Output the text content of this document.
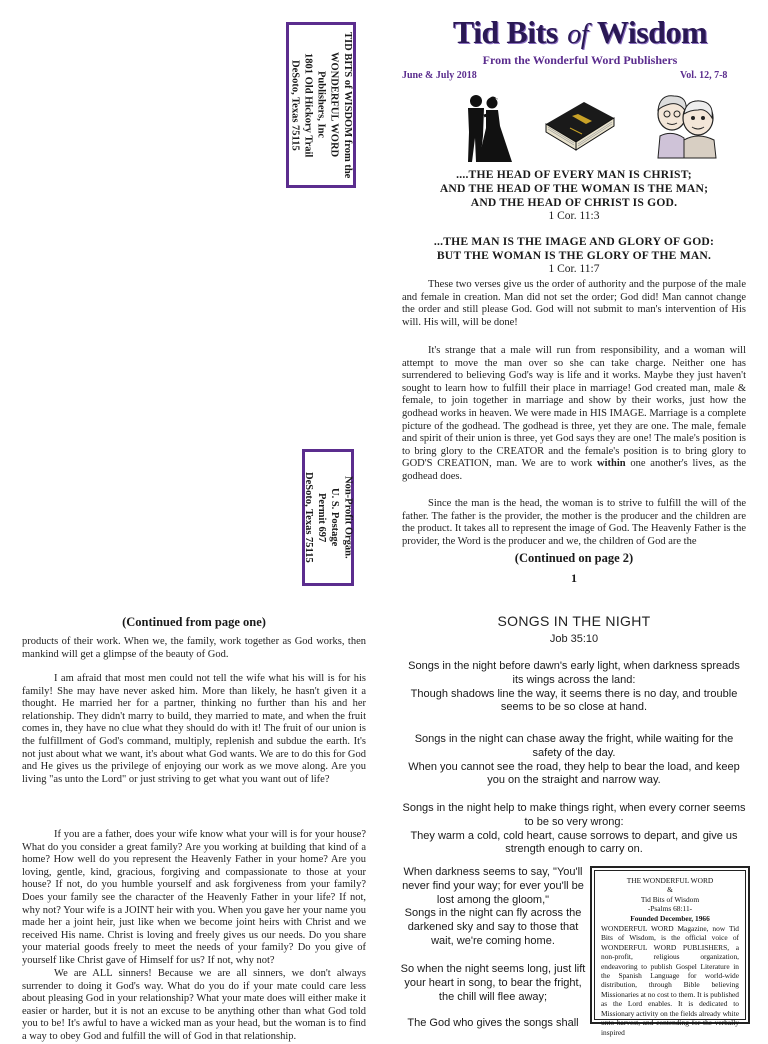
TID BITS of WISDOM from the
WONDERFUL WORD
Publishers, Inc
1801 Old Hickory Trail
DeSoto, Texas 75115
Non-Profit Organ.
U. S. Postage
Permit 697
DeSoto, Texas 75115
Tid Bits of Wisdom
From the Wonderful Word Publishers
June & July 2018	Vol. 12, 7-8
....THE HEAD OF EVERY MAN IS CHRIST;
AND THE HEAD OF THE WOMAN IS THE MAN;
AND THE HEAD OF CHRIST IS GOD.
1 Cor. 11:3
...THE MAN IS THE IMAGE AND GLORY OF GOD:
BUT THE WOMAN IS THE GLORY OF THE MAN.
1 Cor. 11:7

These two verses give us the order of authority and the purpose of the male and female in creation. Man did not set the order; God did! Man cannot change the order and still please God. God will not submit to man's intervention of His will. His will, will be done!

It's strange that a male will run from responsibility, and a woman will attempt to move the man over so she can take charge. Neither one has surrendered to believing God's way is life and it works. Maybe they just haven't sought to learn how to fulfill their place in marriage! God created man, male & female, to join together in marriage and show by their works, just how the godhead works in heaven. We were made in HIS IMAGE. Marriage is a complete picture of the godhead. The godhead is three, yet they are one. The male, female and spirit of their union is three, yet God says they are one! The male's position is to bring glory to the CREATOR and the female's position is to bring glory to GOD'S CREATION, man. We are to work within one another's lives, as the godhead does.

Since the man is the head, the woman is to strive to fulfill the will of the father. The father is the provider, the mother is the producer and the children are the product. It takes all to represent the image of God. The Heavenly Father is the provider, the Word is the producer and we, the children of God are the

(Continued on page 2)
1
(Continued from page one)

products of their work. When we, the family, work together as God works, then mankind will get a glimpse of the beauty of God.

I am afraid that most men could not tell the wife what his will is for his family! She may have never asked him. More than likely, he hasn't given it a thought. He married her for a partner, thinking no further than his and her relationship. They didn't marry to build, they married to mate, and when the fruit comes in, they have no clue what they should do with it! The fruit of our union is the fulfillment of God's command, multiply, replenish and subdue the earth. It's not just about what we want, it's about what God wants. We are to do this for God and He gives us the privilege of enjoying our work as we move along. Are you living "as unto the Lord" or just striving to get what you want out of life?

If you are a father, does your wife know what your will is for your house? What do you consider a great family? Are you working at building that kind of a home? How well do you represent the Heavenly Father in your home? Are you loving, gentle, kind, gracious, forgiving and compassionate to those at your house? If not, do you humble yourself and ask forgiveness from your family? Does your family see the character of the Heavenly Father in your life? If not, why not? Your wife is a JOINT heir with you. When you gave her your name you made her a joint heir, just like when we become joint heirs with Christ and we received His name. Christ is loving and freely gives us our needs. Do you share your material goods freely to meet the needs of your family? Do you give of yourself like Christ gave of Himself for us? If not, why not?

We are ALL sinners! Because we are all sinners, we don't always surrender to doing it God's way. What do you do if your mate could care less about pleasing God in your relationship? What your mate does will either make it easier or harder, but it is not an excuse to be anything other than what God told you to be! It's awful to have a wicked man as your head, but the woman is to find a way to obey God and fulfill the will of God in that relationship.

SONGS IN THE NIGHT
Job 35:10
Songs in the night before dawn's early light, when darkness spreads its wings across the land:
Though shadows line the way, it seems there is no day, and trouble seems to be so close at hand.
Songs in the night can chase away the fright, while waiting for the safety of the day.
When you cannot see the road, they help to bear the load, and keep you on the straight and narrow way.
Songs in the night help to make things right, when every corner seems to be so very wrong:
They warm a cold, cold heart, cause sorrows to depart, and give us strength enough to carry on.
When darkness seems to say, "You'll never find your way; for ever you'll be lost among the gloom,"
Songs in the night can fly across the darkened sky and say to those that wait, we're coming home.
So when the night seems long, just lift your heart in song, to bear the fright, the chill will flee away;
The God who gives the songs shall
THE WONDERFUL WORD
&
Tid Bits of Wisdom
-Psalms 68:11-
Founded December, 1966
WONDERFUL WORD Magazine, now Tid Bits of Wisdom, is the official voice of WONDERFUL WORD PUBLISHERS, a non-profit, religious organization, endeavoring to publish Gospel Literature in the Spanish Language for world-wide distribution, through Bible believing Missionaries at no cost to them. It is published as the Lord enables. It is dedicated to Missionary activity on the fields already white unto harvest, and contending for the verbally inspired
